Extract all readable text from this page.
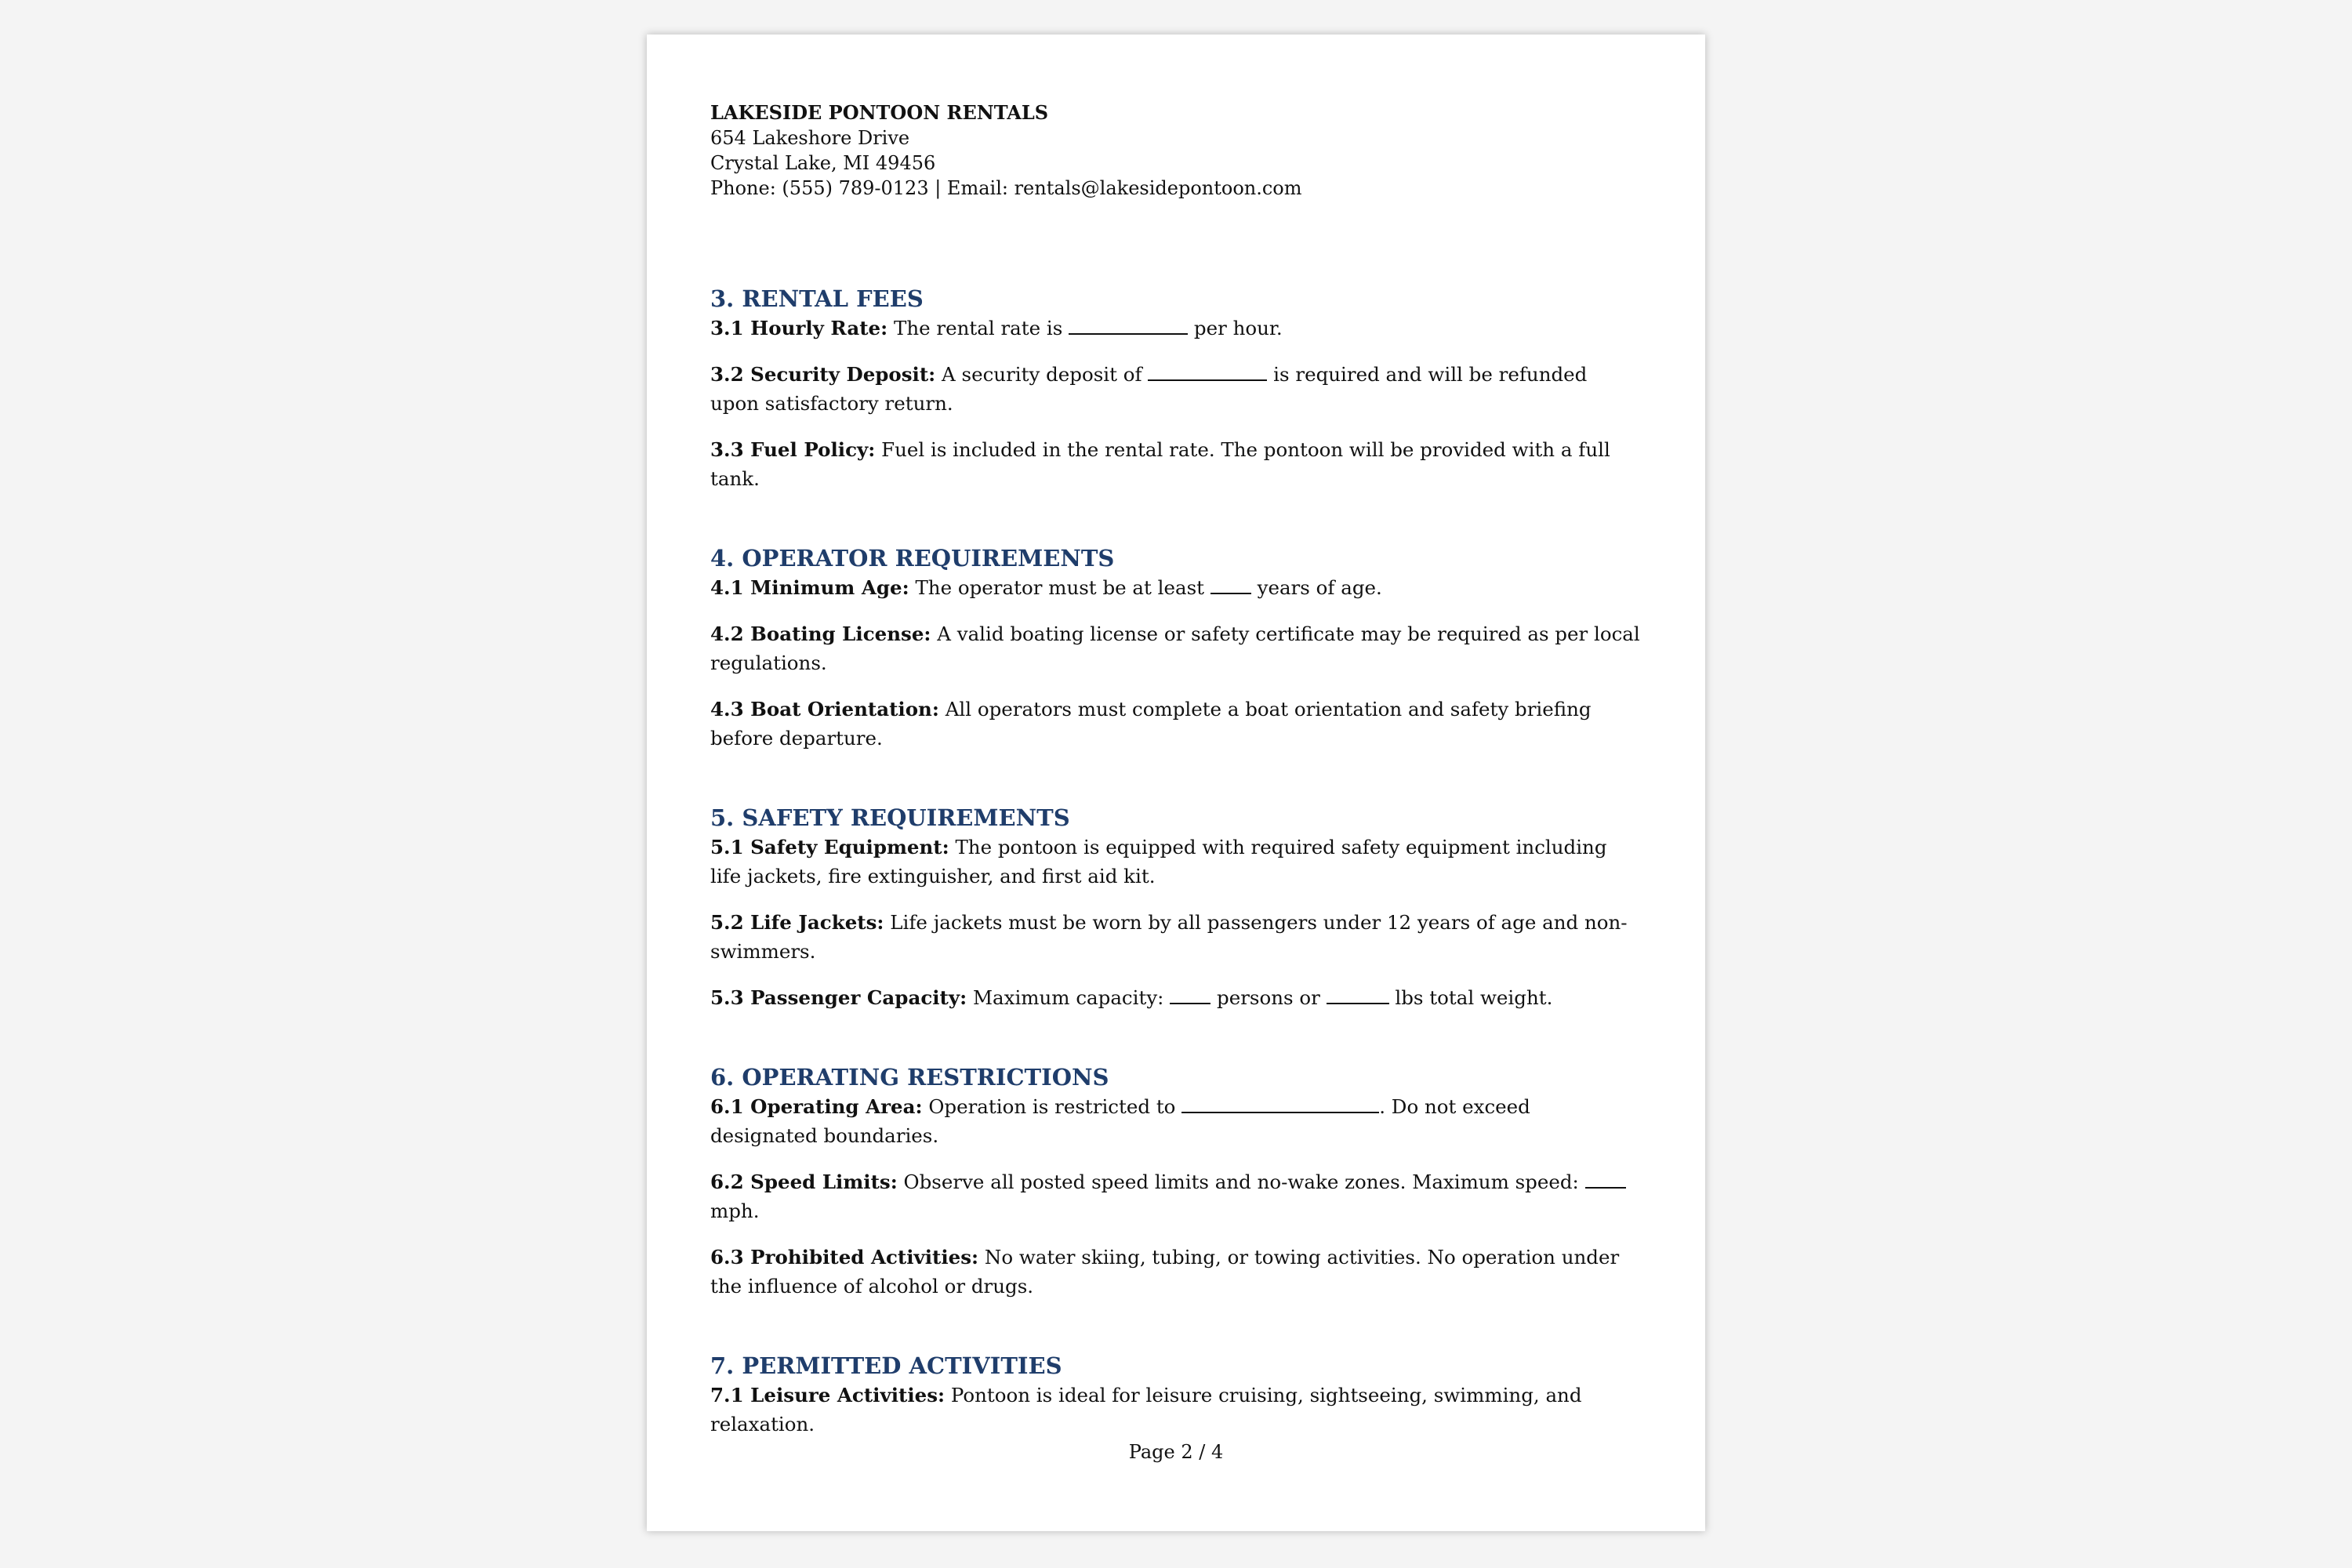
LAKESIDE PONTOON RENTALS
654 Lakeshore Drive
Crystal Lake, MI 49456
Phone: (555) 789-0123 | Email: rentals@lakesidepontoon.com
3. RENTAL FEES

3.1 Hourly Rate: The rental rate is	per hour.

3.2 Security Deposit: A security deposit of	is required and will be refunded upon satisfactory return.

3.3 Fuel Policy: Fuel is included in the rental rate. The pontoon will be provided with a full tank.

4. OPERATOR REQUIREMENTS

4.1 Minimum Age: The operator must be at least  years of age.

4.2 Boating License: A valid boating license or safety certificate may be required as per local regulations.

4.3 Boat Orientation: All operators must complete a boat orientation and safety briefing before departure.

5. SAFETY REQUIREMENTS

5.1 Safety Equipment: The pontoon is equipped with required safety equipment including life jackets, fire extinguisher, and first aid kit.

5.2 Life Jackets: Life jackets must be worn by all passengers under 12 years of age and non-swimmers.

5.3 Passenger Capacity: Maximum capacity:  persons or	lbs total weight.

6. OPERATING RESTRICTIONS

6.1 Operating Area: Operation is restricted to	. Do not exceed designated boundaries.

6.2 Speed Limits: Observe all posted speed limits and no-wake zones. Maximum speed:  mph.

6.3 Prohibited Activities: No water skiing, tubing, or towing activities. No operation under the influence of alcohol or drugs.

7. PERMITTED ACTIVITIES

7.1 Leisure Activities: Pontoon is ideal for leisure cruising, sightseeing, swimming, and relaxation.

Page 2 / 4
